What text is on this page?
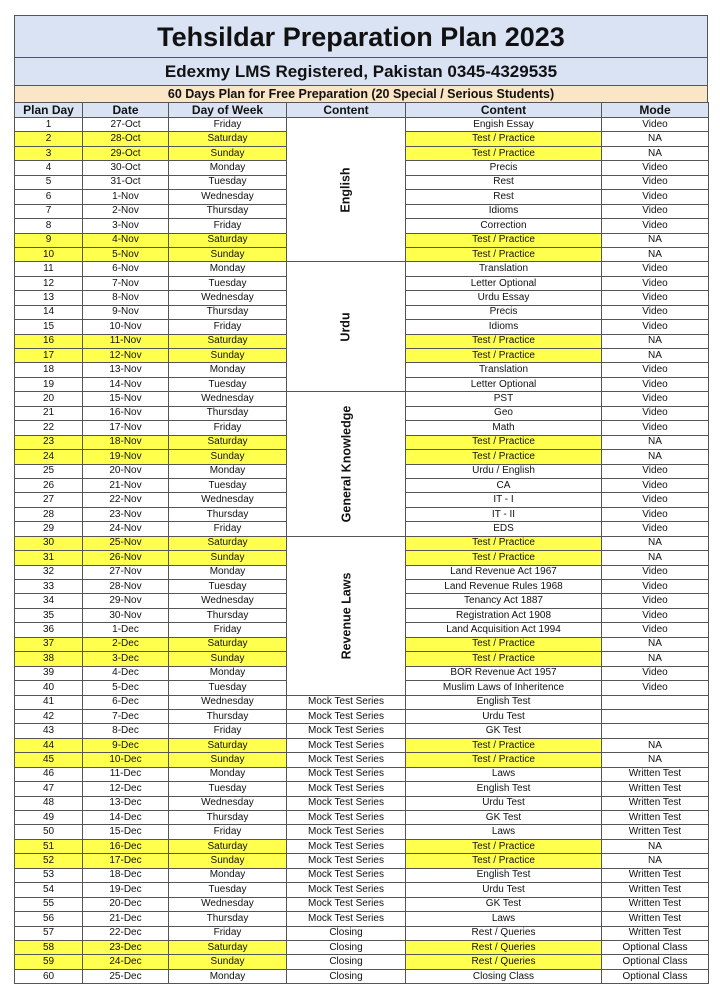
Tehsildar Preparation Plan 2023
Edexmy LMS Registered, Pakistan 0345-4329535
60 Days Plan for Free Preparation (20 Special / Serious Students)
Plan Day	Date	Day of Week	Content	Content	Mode
1	27-Oct	Friday	English	Engish Essay	Video
2	28-Oct	Saturday		Test / Practice	NA
3	29-Oct	Sunday		Test / Practice	NA
4	30-Oct	Monday		Precis	Video
5	31-Oct	Tuesday		Rest	Video
6	1-Nov	Wednesday		Rest	Video
7	2-Nov	Thursday		Idioms	Video
8	3-Nov	Friday		Correction	Video
9	4-Nov	Saturday		Test / Practice	NA
10	5-Nov	Sunday		Test / Practice	NA
11	6-Nov	Monday	Urdu	Translation	Video
12	7-Nov	Tuesday		Letter Optional	Video
13	8-Nov	Wednesday		Urdu Essay	Video
14	9-Nov	Thursday		Precis	Video
15	10-Nov	Friday		Idioms	Video
16	11-Nov	Saturday		Test / Practice	NA
17	12-Nov	Sunday		Test / Practice	NA
18	13-Nov	Monday		Translation	Video
19	14-Nov	Tuesday		Letter Optional	Video
20	15-Nov	Wednesday	General Knowledge	PST	Video
21	16-Nov	Thursday		Geo	Video
22	17-Nov	Friday		Math	Video
23	18-Nov	Saturday		Test / Practice	NA
24	19-Nov	Sunday		Test / Practice	NA
25	20-Nov	Monday		Urdu / English	Video
26	21-Nov	Tuesday		CA	Video
27	22-Nov	Wednesday		IT - I	Video
28	23-Nov	Thursday		IT - II	Video
29	24-Nov	Friday		EDS	Video
30	25-Nov	Saturday	Revenue Laws	Test / Practice	NA
31	26-Nov	Sunday		Test / Practice	NA
32	27-Nov	Monday		Land Revenue Act 1967	Video
33	28-Nov	Tuesday		Land Revenue Rules 1968	Video
34	29-Nov	Wednesday		Tenancy Act 1887	Video
35	30-Nov	Thursday		Registration Act 1908	Video
36	1-Dec	Friday		Land Acquisition Act 1994	Video
37	2-Dec	Saturday		Test / Practice	NA
38	3-Dec	Sunday		Test / Practice	NA
39	4-Dec	Monday		BOR Revenue Act 1957	Video
40	5-Dec	Tuesday		Muslim Laws of Inheritence	Video
41	6-Dec	Wednesday	Mock Test Series	English Test	
42	7-Dec	Thursday	Mock Test Series	Urdu Test	
43	8-Dec	Friday	Mock Test Series	GK Test	
44	9-Dec	Saturday	Mock Test Series	Test / Practice	NA
45	10-Dec	Sunday	Mock Test Series	Test / Practice	NA
46	11-Dec	Monday	Mock Test Series	Laws	Written Test
47	12-Dec	Tuesday	Mock Test Series	English Test	Written Test
48	13-Dec	Wednesday	Mock Test Series	Urdu Test	Written Test
49	14-Dec	Thursday	Mock Test Series	GK Test	Written Test
50	15-Dec	Friday	Mock Test Series	Laws	Written Test
51	16-Dec	Saturday	Mock Test Series	Test / Practice	NA
52	17-Dec	Sunday	Mock Test Series	Test / Practice	NA
53	18-Dec	Monday	Mock Test Series	English Test	Written Test
54	19-Dec	Tuesday	Mock Test Series	Urdu Test	Written Test
55	20-Dec	Wednesday	Mock Test Series	GK Test	Written Test
56	21-Dec	Thursday	Mock Test Series	Laws	Written Test
57	22-Dec	Friday	Closing	Rest / Queries	Written Test
58	23-Dec	Saturday	Closing	Rest / Queries	Optional Class
59	24-Dec	Sunday	Closing	Rest / Queries	Optional Class
60	25-Dec	Monday	Closing	Closing Class	Optional Class
